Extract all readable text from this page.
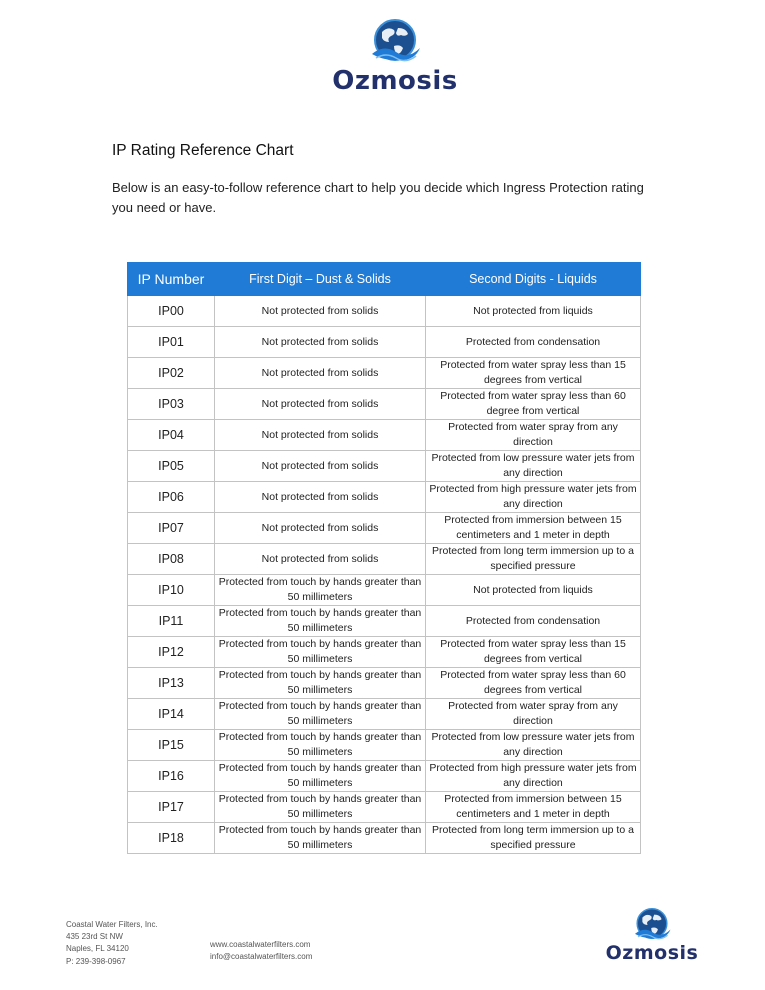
Ozmosis
IP Rating Reference Chart
Below is an easy-to-follow reference chart to help you decide which Ingress Protection rating you need or have.
IP Number	First Digit – Dust & Solids	Second Digits - Liquids
IP00	Not protected from solids	Not protected from liquids
IP01	Not protected from solids	Protected from condensation
IP02	Not protected from solids	Protected from water spray less than 15 degrees from vertical
IP03	Not protected from solids	Protected from water spray less than 60 degree from vertical
IP04	Not protected from solids	Protected from water spray from any direction
IP05	Not protected from solids	Protected from low pressure water jets from any direction
IP06	Not protected from solids	Protected from high pressure water jets from any direction
IP07	Not protected from solids	Protected from immersion between 15 centimeters and 1 meter in depth
IP08	Not protected from solids	Protected from long term immersion up to a specified pressure
IP10	Protected from touch by hands greater than 50 millimeters	Not protected from liquids
IP11	Protected from touch by hands greater than 50 millimeters	Protected from condensation
IP12	Protected from touch by hands greater than 50 millimeters	Protected from water spray less than 15 degrees from vertical
IP13	Protected from touch by hands greater than 50 millimeters	Protected from water spray less than 60 degrees from vertical
IP14	Protected from touch by hands greater than 50 millimeters	Protected from water spray from any direction
IP15	Protected from touch by hands greater than 50 millimeters	Protected from low pressure water jets from any direction
IP16	Protected from touch by hands greater than 50 millimeters	Protected from high pressure water jets from any direction
IP17	Protected from touch by hands greater than 50 millimeters	Protected from immersion between 15 centimeters and 1 meter in depth
IP18	Protected from touch by hands greater than 50 millimeters	Protected from long term immersion up to a specified pressure
Coastal Water Filters, Inc.
435 23rd St NW
Naples, FL 34120
P: 239-398-0967
www.coastalwaterfilters.com
info@coastalwaterfilters.com	Ozmosis
